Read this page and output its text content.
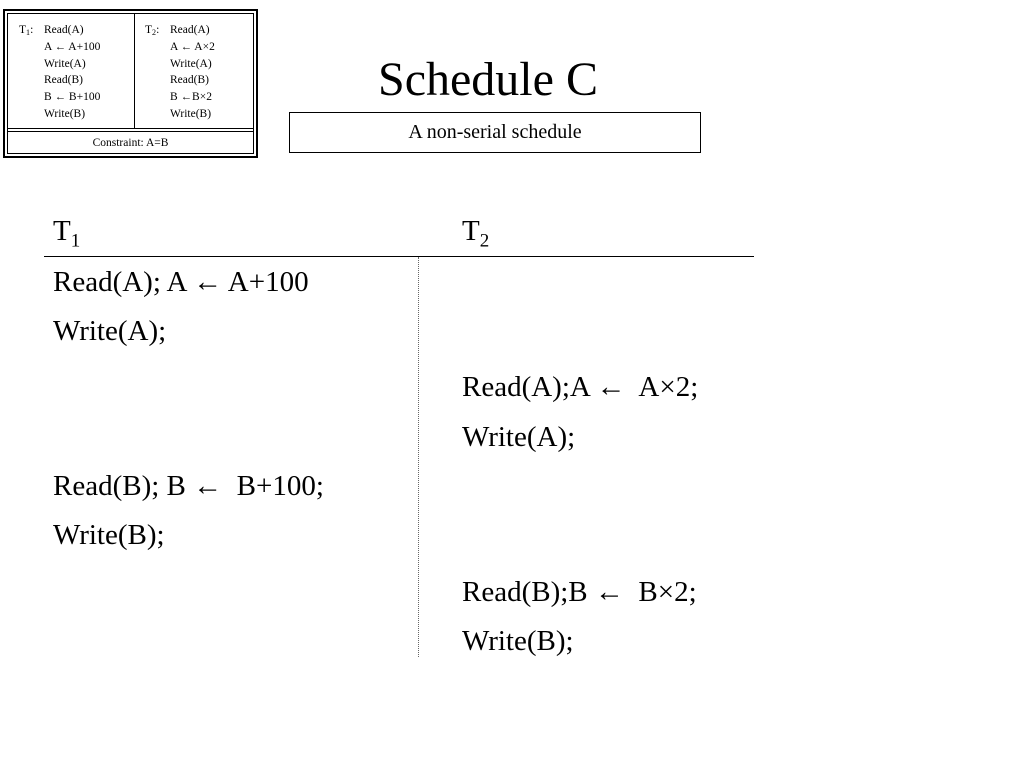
$T_1$: Read(A)
A ← A+100
Write(A)
Read(B)
B ← B+100
Write(B)
$T_2$: Read(A)
A ← A×2
Write(A)
Read(B)
B ←B×2
Write(B)
Constraint: A=B
Schedule C
A non-serial schedule
$T_1$	$T_2$
Read(A); A ← A+100
Write(A);
Read(A);A ←  A×2;
Write(A);
Read(B); B ←  B+100;
Write(B);
Read(B);B ←  B×2;
Write(B);
